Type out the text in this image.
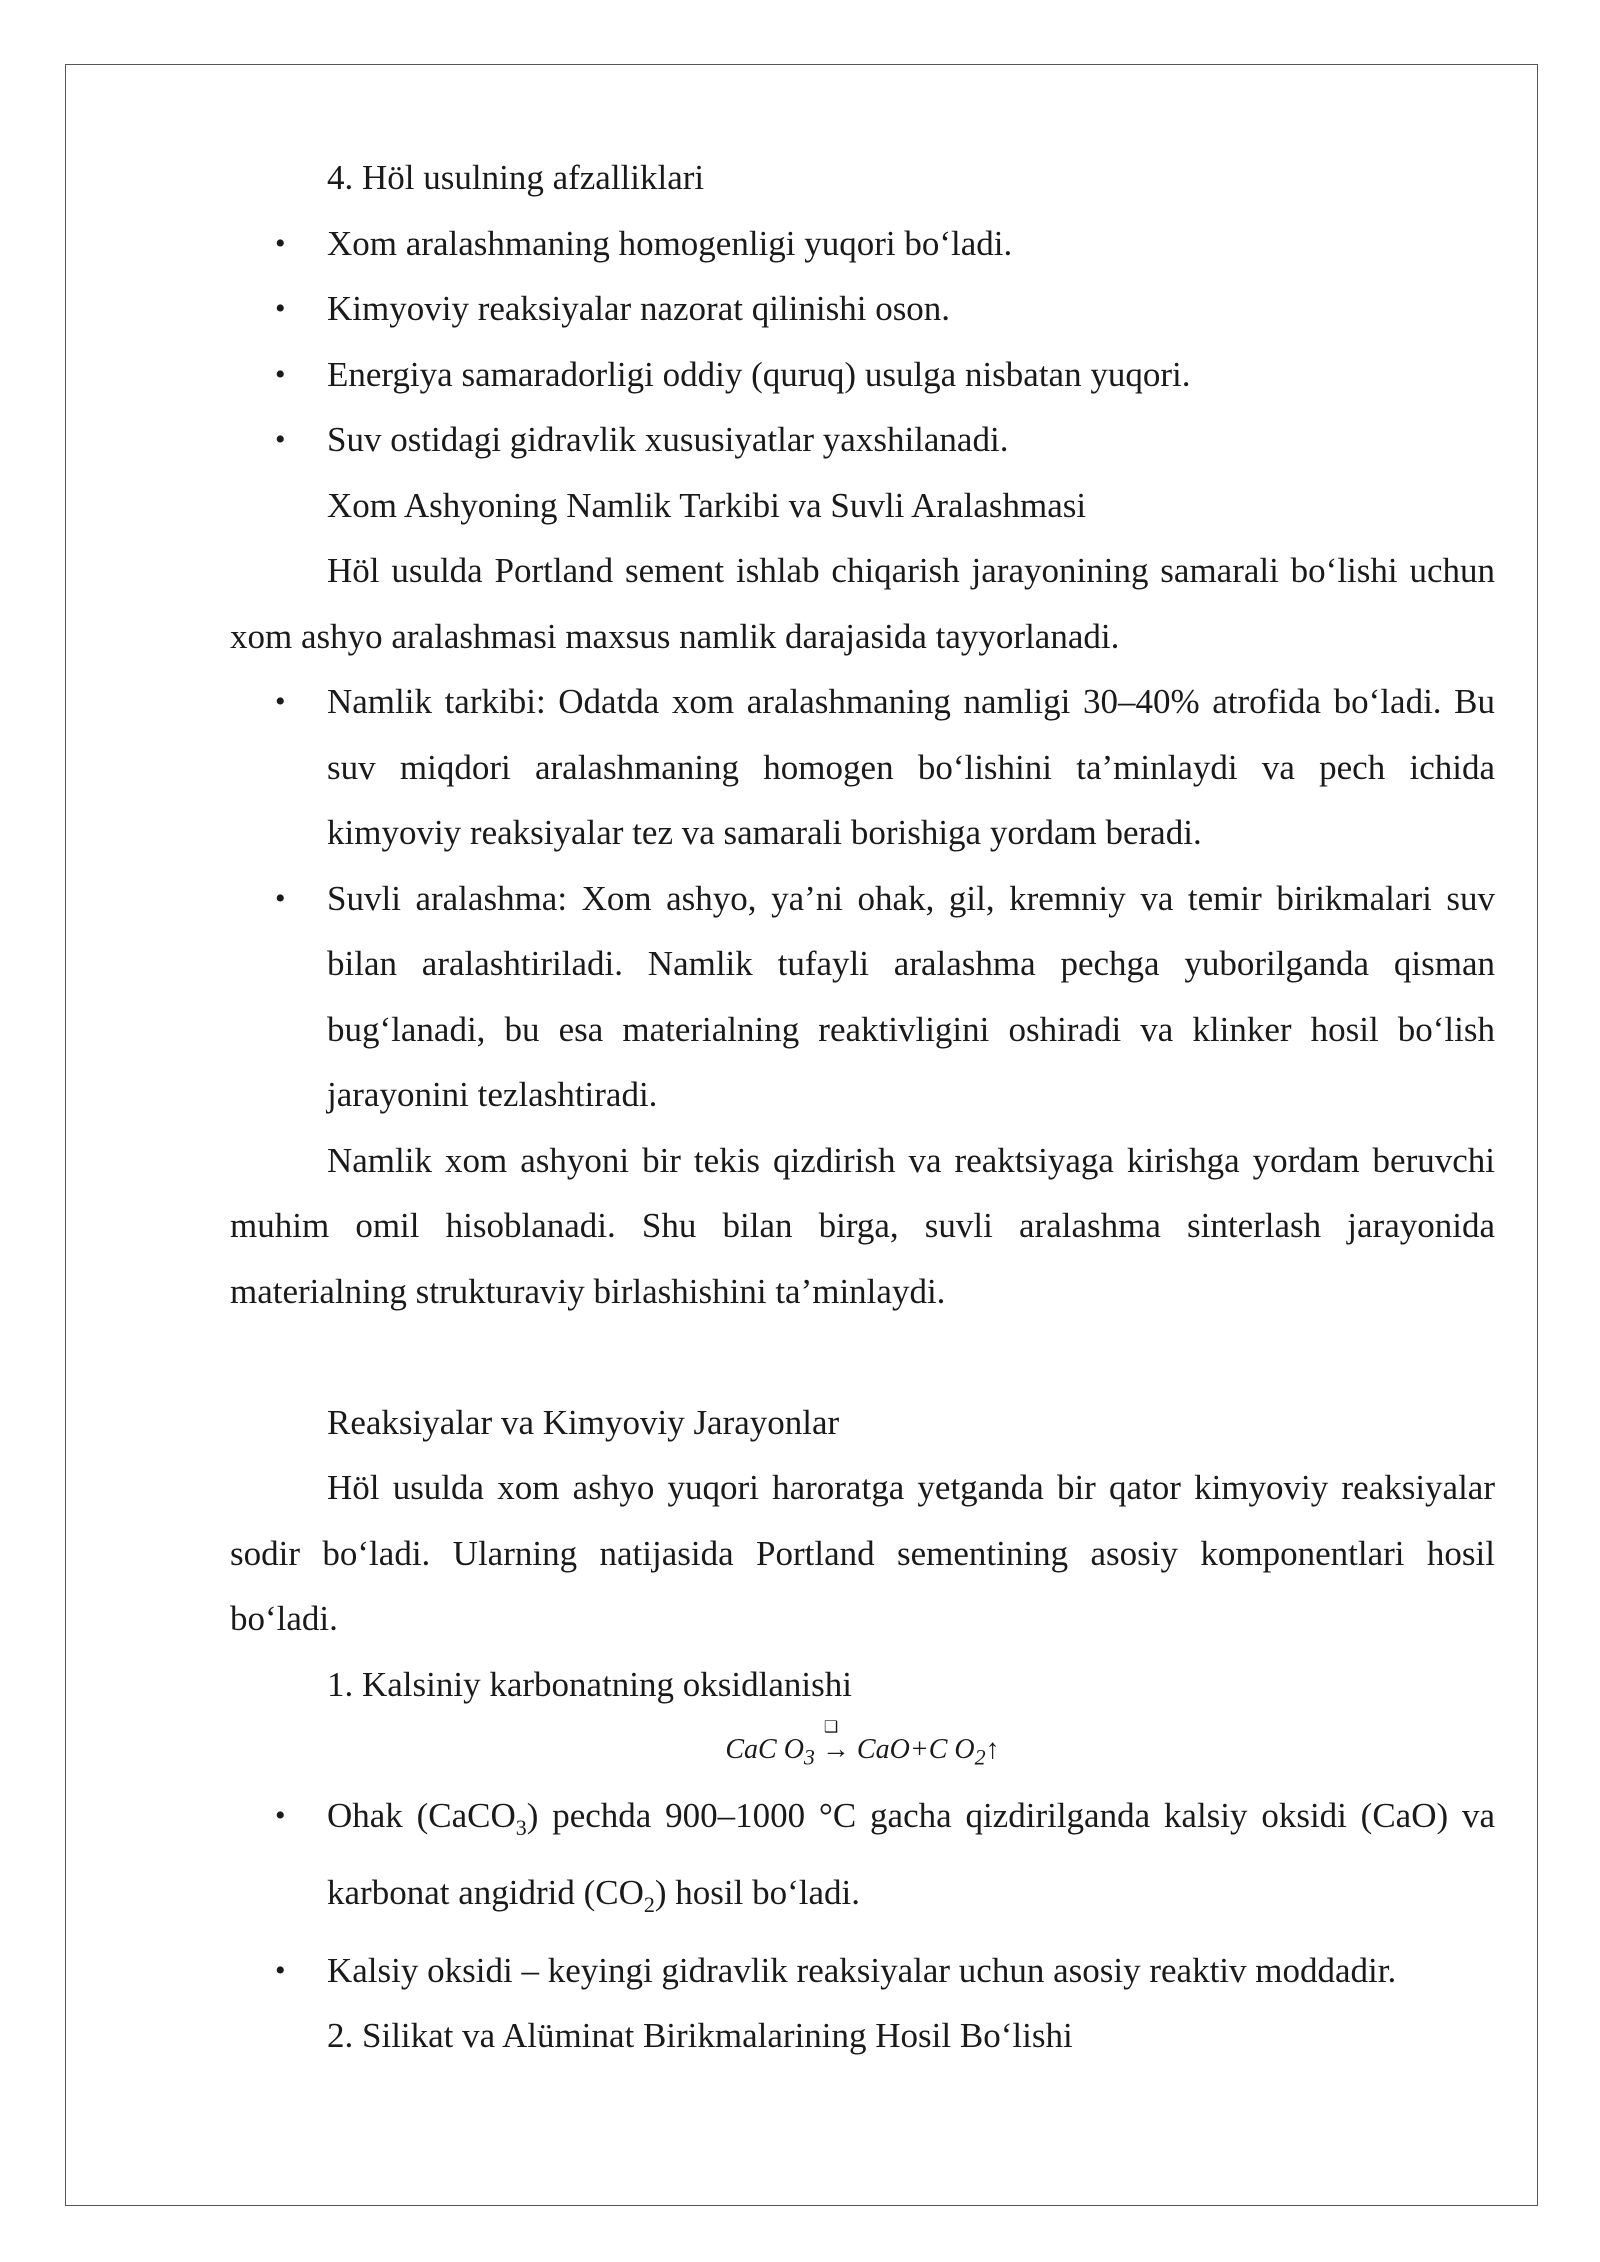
4. Höl usulning afzalliklari

• Xom aralashmaning homogenligi yuqori bo‘ladi.
• Kimyoviy reaksiyalar nazorat qilinishi oson.
• Energiya samaradorligi oddiy (quruq) usulga nisbatan yuqori.
• Suv ostidagi gidravlik xususiyatlar yaxshilanadi.

Xom Ashyoning Namlik Tarkibi va Suvli Aralashmasi

Höl usulda Portland sement ishlab chiqarish jarayonining samarali bo‘lishi uchun xom ashyo aralashmasi maxsus namlik darajasida tayyorlanadi.

• Namlik tarkibi: Odatda xom aralashmaning namligi 30–40% atrofida bo‘ladi. Bu suv miqdori aralashmaning homogen bo‘lishini ta’minlaydi va pech ichida kimyoviy reaksiyalar tez va samarali borishiga yordam beradi.
• Suvli aralashma: Xom ashyo, ya’ni ohak, gil, kremniy va temir birikmalari suv bilan aralashtiriladi. Namlik tufayli aralashma pechga yuborilganda qisman bug‘lanadi, bu esa materialning reaktivligini oshiradi va klinker hosil bo‘lish jarayonini tezlashtiradi.

Namlik xom ashyoni bir tekis qizdirish va reaktsiyaga kirishga yordam beruvchi muhim omil hisoblanadi. Shu bilan birga, suvli aralashma sinterlash jarayonida materialning strukturaviy birlashishini ta’minlaydi.

Reaksiyalar va Kimyoviy Jarayonlar

Höl usulda xom ashyo yuqori haroratga yetganda bir qator kimyoviy reaksiyalar sodir bo‘ladi. Ularning natijasida Portland sementining asosiy komponentlari hosil bo‘ladi.

1. Kalsiniy karbonatning oksidlanishi

CaC $O_3$
❑
→ CaO+C $O_2↑$
• Ohak (CaCO$_3$) pechda 900–1000 °C gacha qizdirilganda kalsiy oksidi (CaO) va karbonat angidrid $(CO_2)$ hosil bo‘ladi.
• Kalsiy oksidi – keyingi gidravlik reaksiyalar uchun asosiy reaktiv moddadir.

2. Silikat va Alüminat Birikmalarining Hosil Bo‘lishi
